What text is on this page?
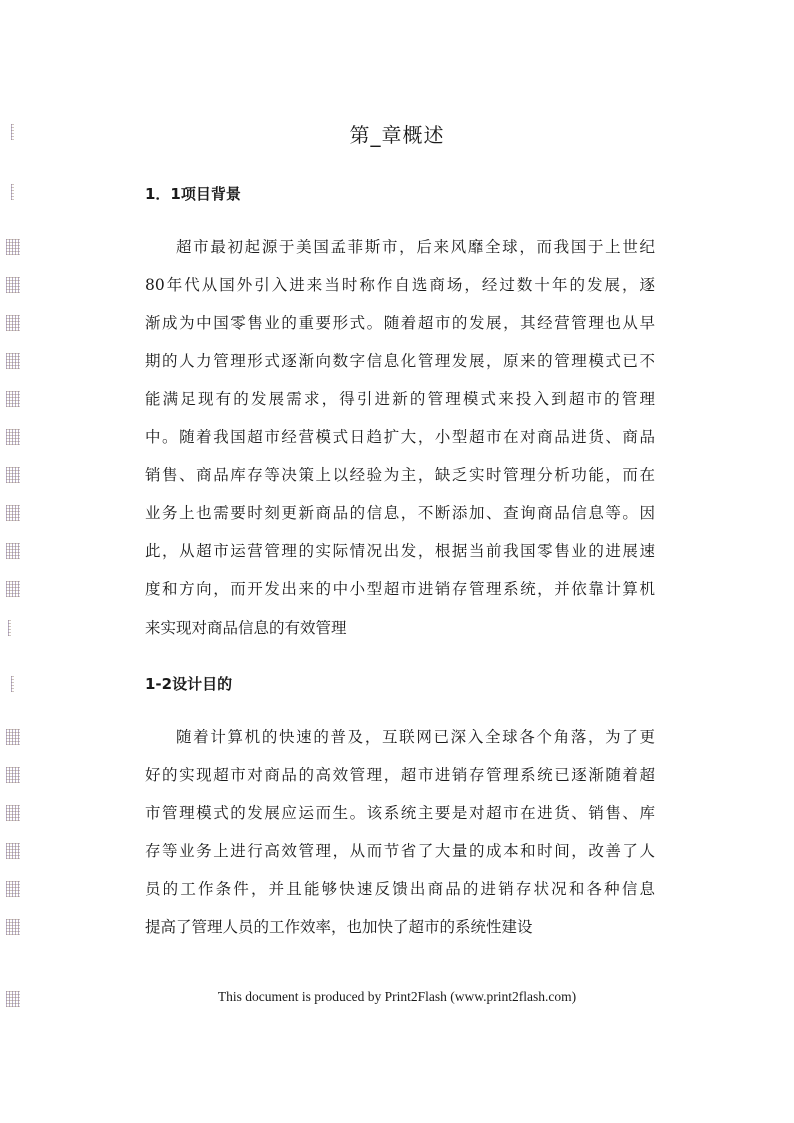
第_章概述
1．1项目背景
超市最初起源于美国孟菲斯市，后来风靡全球，而我国于上世纪
80年代从国外引入进来当时称作自选商场，经过数十年的发展，逐
渐成为中国零售业的重要形式。随着超市的发展，其经营管理也从早
期的人力管理形式逐渐向数字信息化管理发展，原来的管理模式已不
能满足现有的发展需求，得引进新的管理模式来投入到超市的管理
中。随着我国超市经营模式日趋扩大，小型超市在对商品进货、商品
销售、商品库存等决策上以经验为主，缺乏实时管理分析功能，而在
业务上也需要时刻更新商品的信息，不断添加、查询商品信息等。因
此，从超市运营管理的实际情况出发，根据当前我国零售业的进展速
度和方向，而开发出来的中小型超市进销存管理系统，并依靠计算机
来实现对商品信息的有效管理
1-2设计目的
随着计算机的快速的普及，互联网已深入全球各个角落，为了更
好的实现超市对商品的高效管理，超市进销存管理系统已逐渐随着超
市管理模式的发展应运而生。该系统主要是对超市在进货、销售、库
存等业务上进行高效管理，从而节省了大量的成本和时间，改善了人
员的工作条件，并且能够快速反馈出商品的进销存状况和各种信息
提高了管理人员的工作效率，也加快了超市的系统性建设
This document is produced by Print2Flash (www.print2flash.com)
